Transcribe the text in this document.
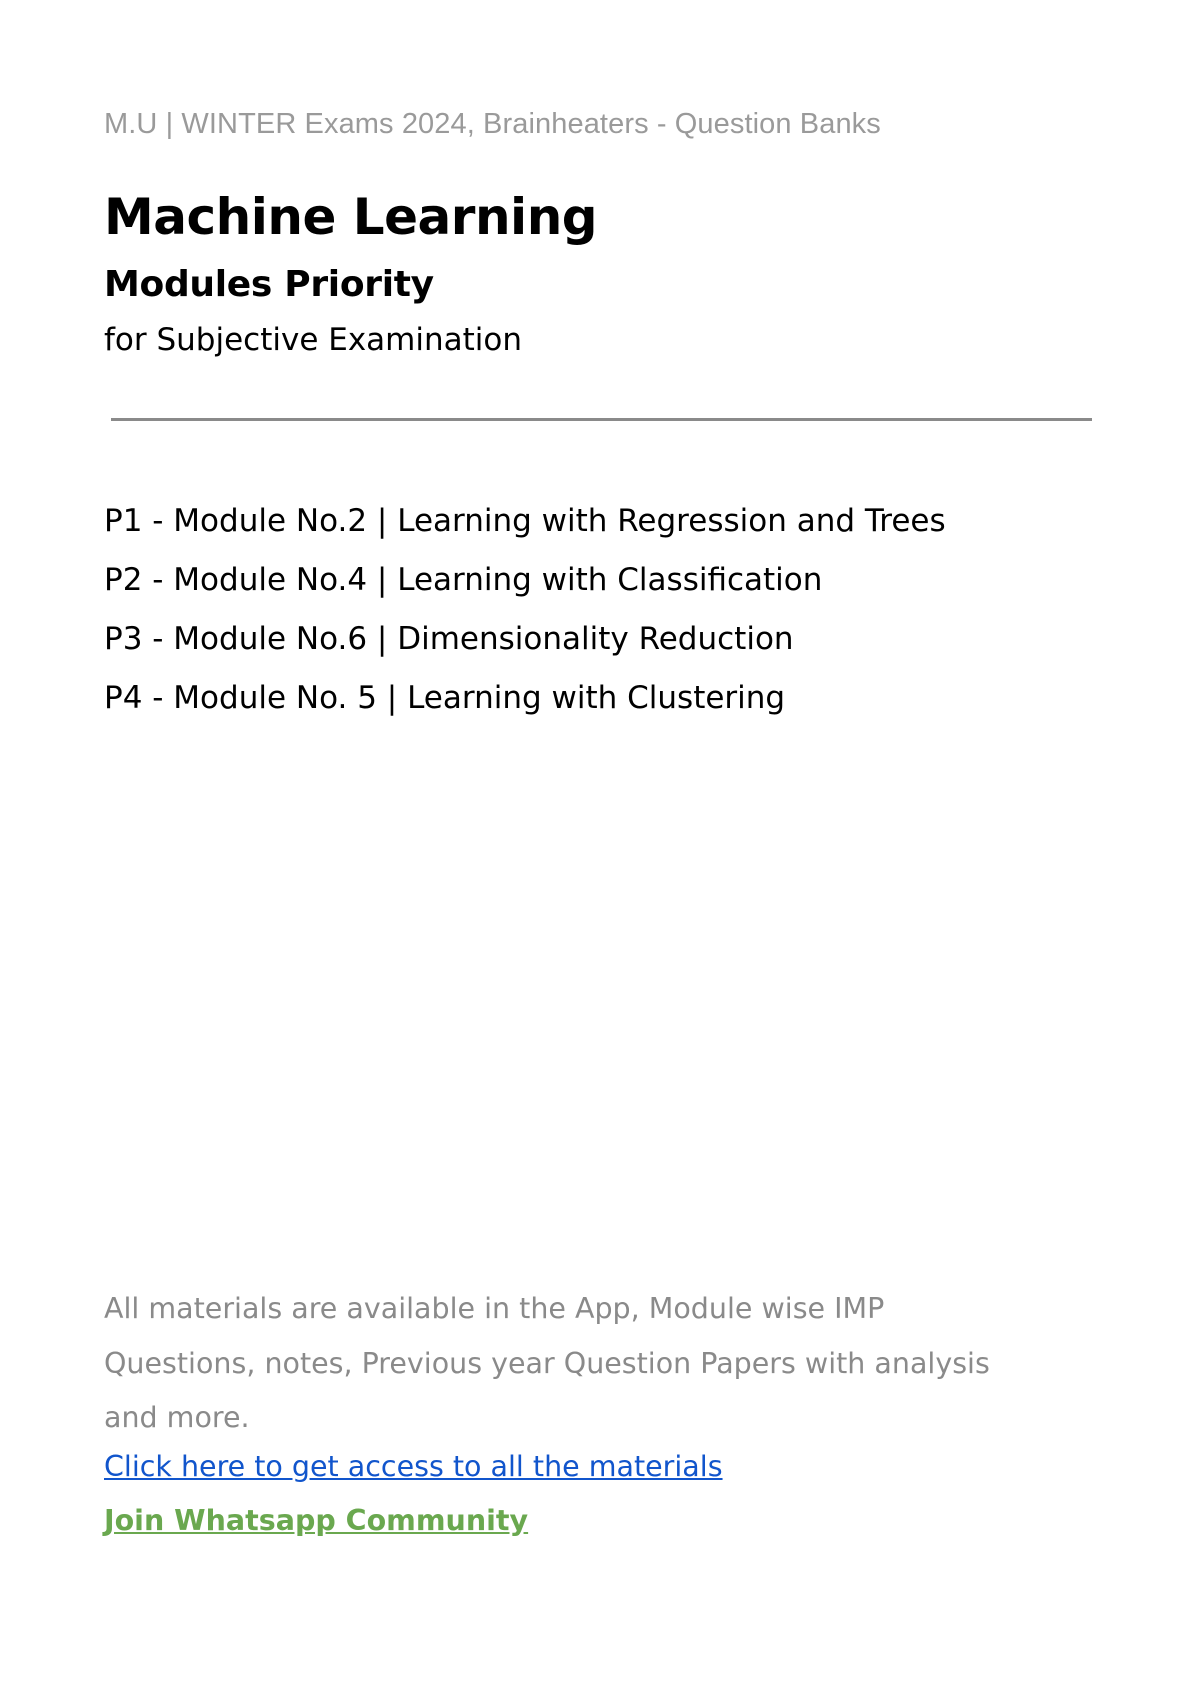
M.U | WINTER Exams 2024, Brainheaters - Question Banks
Machine Learning
Modules Priority
for Subjective Examination
P1 - Module No.2 | Learning with Regression and Trees
P2 - Module No.4 | Learning with Classification
P3 - Module No.6 | Dimensionality Reduction
P4 - Module No. 5 | Learning with Clustering
All materials are available in the App, Module wise IMP
Questions, notes, Previous year Question Papers with analysis
and more.
Click here to get access to all the materials
Join Whatsapp Community
